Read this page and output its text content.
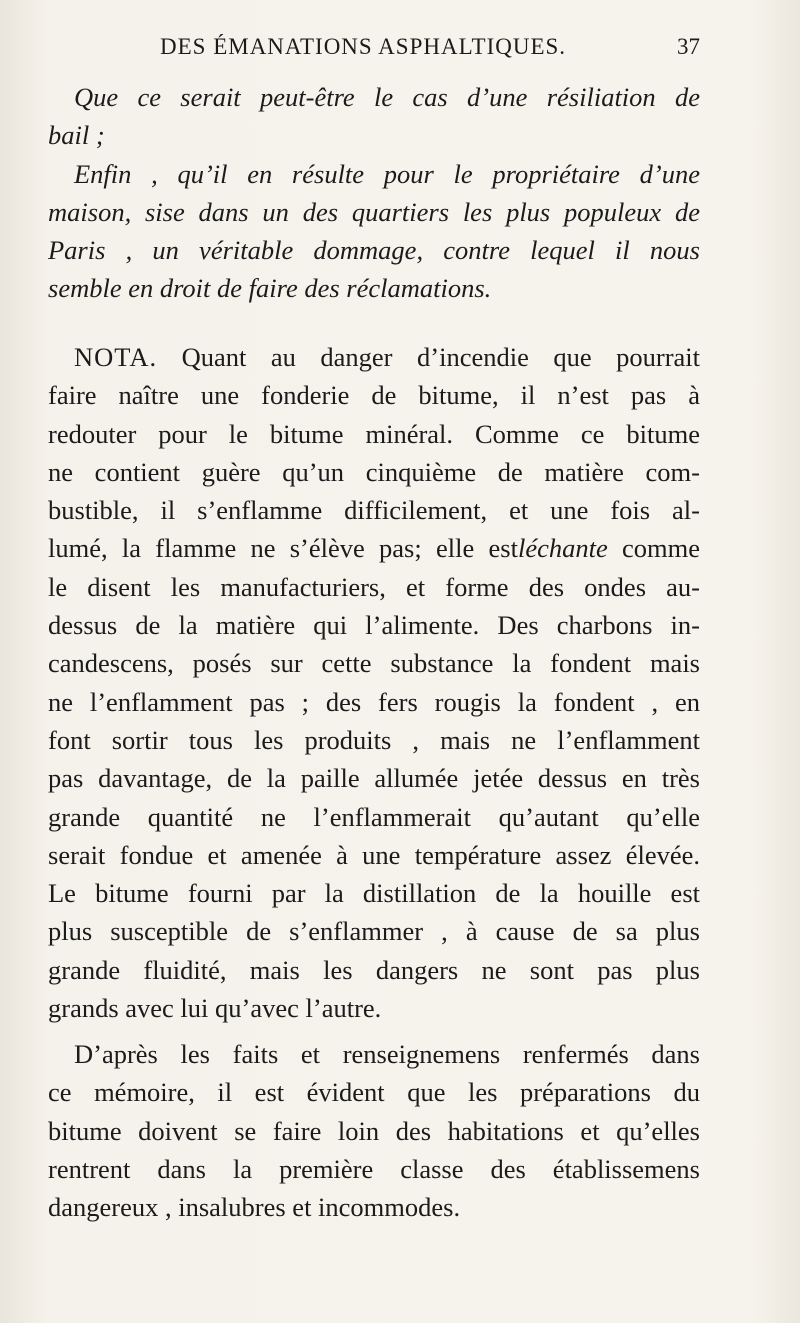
DES ÉMANATIONS ASPHALTIQUES.	37
Que ce serait peut-être le cas d’une résiliation de
bail ;
Enfin , qu’il en résulte pour le propriétaire d’une
maison, sise dans un des quartiers les plus populeux de
Paris , un véritable dommage, contre lequel il nous
semble en droit de faire des réclamations.
NOTA. Quant au danger d’incendie que pourrait
faire naître une fonderie de bitume, il n’est pas à
redouter pour le bitume minéral. Comme ce bitume
ne contient guère qu’un cinquième de matière com-
bustible, il s’enflamme difficilement, et une fois al-
lumé, la flamme ne s’élève pas; elle estléchante comme
le disent les manufacturiers, et forme des ondes au-
dessus de la matière qui l’alimente. Des charbons in-
candescens, posés sur cette substance la fondent mais
ne l’enflamment pas ; des fers rougis la fondent , en
font sortir tous les produits , mais ne l’enflamment
pas davantage, de la paille allumée jetée dessus en très
grande quantité ne l’enflammerait qu’autant qu’elle
serait fondue et amenée à une température assez élevée.
Le bitume fourni par la distillation de la houille est
plus susceptible de s’enflammer , à cause de sa plus
grande fluidité, mais les dangers ne sont pas plus
grands avec lui qu’avec l’autre.
D’après les faits et renseignemens renfermés dans
ce mémoire, il est évident que les préparations du
bitume doivent se faire loin des habitations et qu’elles
rentrent dans la première classe des établissemens
dangereux , insalubres et incommodes.
